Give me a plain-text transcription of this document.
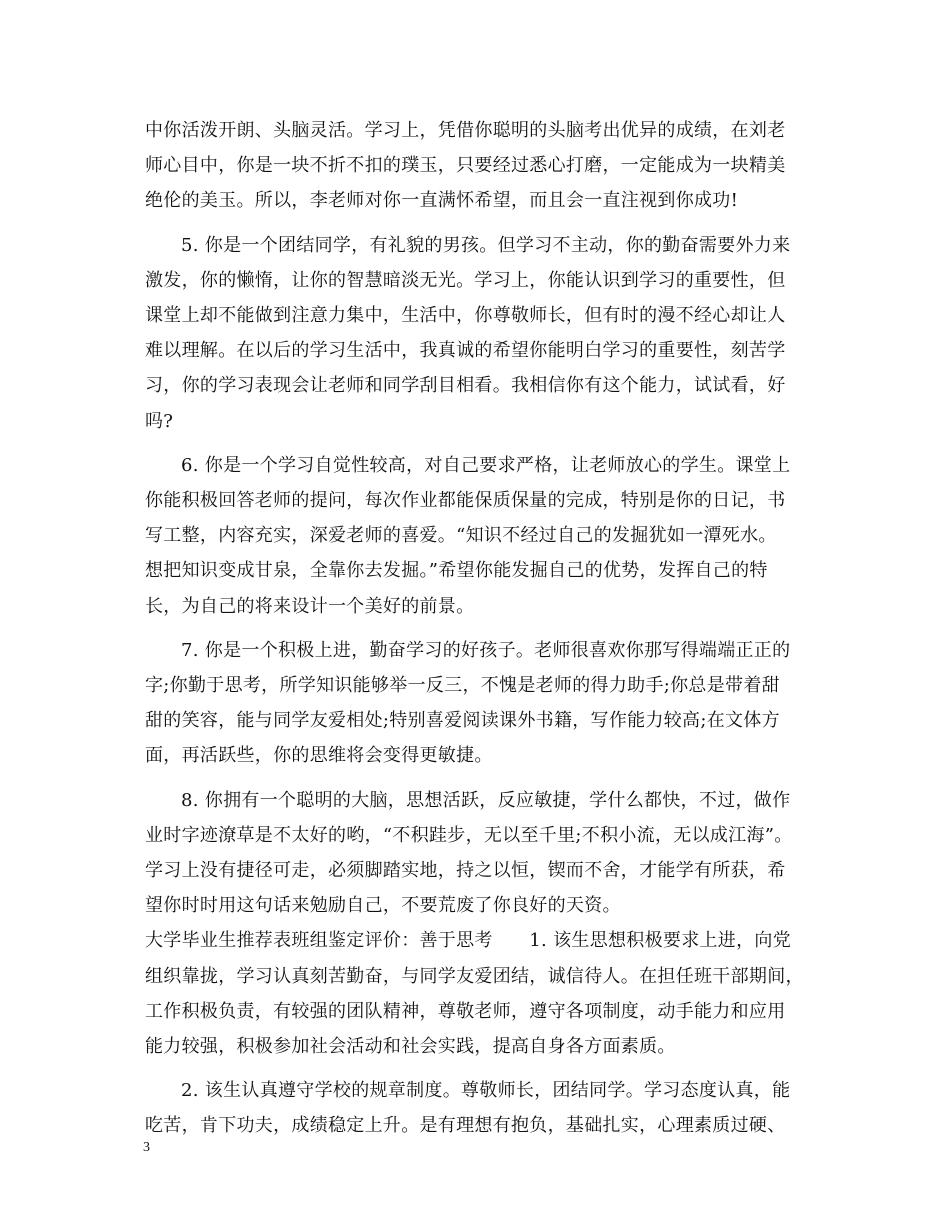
中你活泼开朗、头脑灵活。学习上，凭借你聪明的头脑考出优异的成绩，在刘老
师心目中，你是一块不折不扣的璞玉，只要经过悉心打磨，一定能成为一块精美
绝伦的美玉。所以，李老师对你一直满怀希望，而且会一直注视到你成功!
5. 你是一个团结同学，有礼貌的男孩。但学习不主动，你的勤奋需要外力来
激发，你的懒惰，让你的智慧暗淡无光。学习上，你能认识到学习的重要性，但
课堂上却不能做到注意力集中，生活中，你尊敬师长，但有时的漫不经心却让人
难以理解。在以后的学习生活中，我真诚的希望你能明白学习的重要性，刻苦学
习，你的学习表现会让老师和同学刮目相看。我相信你有这个能力，试试看，好
吗?
6. 你是一个学习自觉性较高，对自己要求严格，让老师放心的学生。课堂上
你能积极回答老师的提问，每次作业都能保质保量的完成，特别是你的日记，书
写工整，内容充实，深爱老师的喜爱。“知识不经过自己的发掘犹如一潭死水。
想把知识变成甘泉，全靠你去发掘。”希望你能发掘自己的优势，发挥自己的特
长，为自己的将来设计一个美好的前景。
7. 你是一个积极上进，勤奋学习的好孩子。老师很喜欢你那写得端端正正的
字;你勤于思考，所学知识能够举一反三，不愧是老师的得力助手;你总是带着甜
甜的笑容，能与同学友爱相处;特别喜爱阅读课外书籍，写作能力较高;在文体方
面，再活跃些，你的思维将会变得更敏捷。
8. 你拥有一个聪明的大脑，思想活跃，反应敏捷，学什么都快，不过，做作
业时字迹潦草是不太好的哟，“不积跬步，无以至千里;不积小流，无以成江海”。
学习上没有捷径可走，必须脚踏实地，持之以恒，锲而不舍，才能学有所获，希
望你时时用这句话来勉励自己，不要荒废了你良好的天资。
大学毕业生推荐表班组鉴定评价：善于思考　　1. 该生思想积极要求上进，向党
组织靠拢，学习认真刻苦勤奋，与同学友爱团结，诚信待人。在担任班干部期间，
工作积极负责，有较强的团队精神，尊敬老师，遵守各项制度，动手能力和应用
能力较强，积极参加社会活动和社会实践，提高自身各方面素质。
2. 该生认真遵守学校的规章制度。尊敬师长，团结同学。学习态度认真，能
吃苦，肯下功夫，成绩稳定上升。是有理想有抱负，基础扎实，心理素质过硬、
3
